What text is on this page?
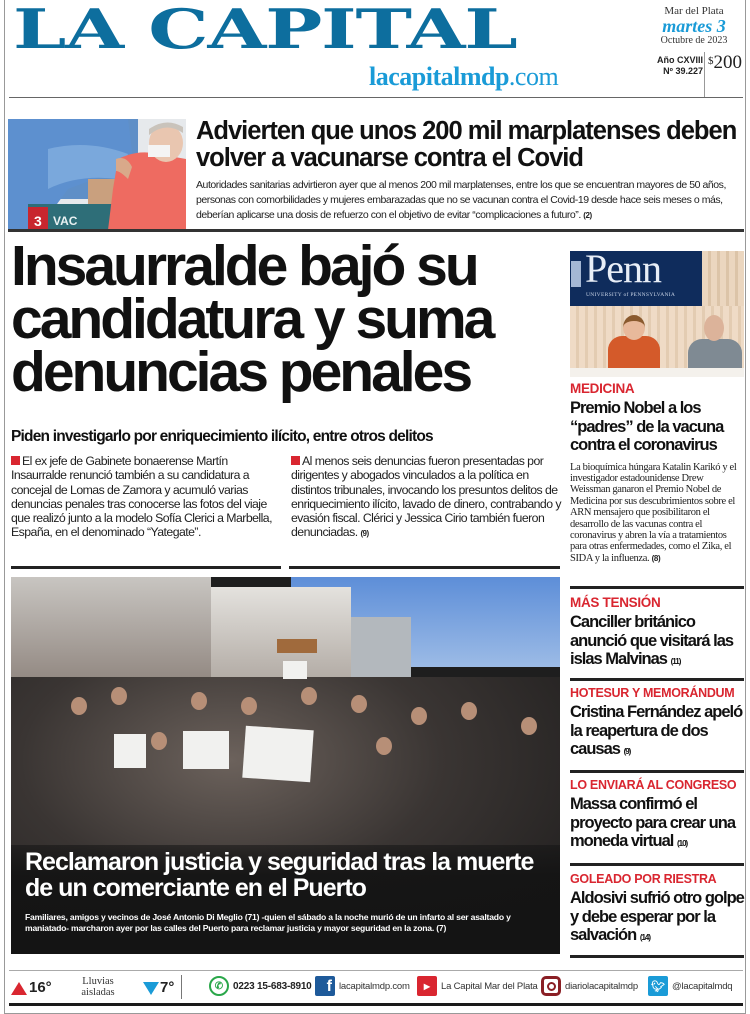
LA CAPITAL
lacapitalmdp.com
Mar del Plata
martes 3
Octubre de 2023
Año CXVIII
Nº 39.227
$200
3 VAC
Advierten que unos 200 mil marplatenses deben volver a vacunarse contra el Covid
Autoridades sanitarias advirtieron ayer que al menos 200 mil marplatenses, entre los que se encuentran mayores de 50 años, personas con comorbilidades y mujeres embarazadas que no se vacunan contra el Covid-19 desde hace seis meses o más, deberían aplicarse una dosis de refuerzo con el objetivo de evitar “complicaciones a futuro”. (2)
Insaurralde bajó su candidatura y suma denuncias penales
Piden investigarlo por enriquecimiento ilícito, entre otros delitos
El ex jefe de Gabinete bonaerense Martín Insaurralde renunció también a su candidatura a concejal de Lomas de Zamora y acumuló varias denuncias penales tras conocerse las fotos del viaje que realizó junto a la modelo Sofía Clerici a Marbella, España, en el denominado “Yategate”.
Al menos seis denuncias fueron presentadas por dirigentes y abogados vinculados a la política en distintos tribunales, invocando los presuntos delitos de enriquecimiento ilícito, lavado de dinero, contrabando y evasión fiscal. Clérici y Jessica Cirio también fueron denunciadas. (9)
Reclamaron justicia y seguridad tras la muerte de un comerciante en el Puerto
Familiares, amigos y vecinos de José Antonio Di Meglio (71) -quien el sábado a la noche murió de un infarto al ser asaltado y maniatado- marcharon ayer por las calles del Puerto para reclamar justicia y mayor seguridad en la zona. (7)
Penn
UNIVERSITY of PENNSYLVANIA
MEDICINA
Premio Nobel a los “padres” de la vacuna contra el coronavirus
La bioquímica húngara Katalin Karikó y el investigador estadounidense Drew Weissman ganaron el Premio Nobel de Medicina por sus descubrimientos sobre el ARN mensajero que posibilitaron el desarrollo de las vacunas contra el coronavirus y abren la vía a tratamientos para otras enfermedades, como el Zika, el SIDA y la influenza. (8)
MÁS TENSIÓN
Canciller británico anunció que visitará las islas Malvinas (11)
HOTESUR Y MEMORÁNDUM
Cristina Fernández apeló la reapertura de dos causas (9)
LO ENVIARÁ AL CONGRESO
Massa confirmó el proyecto para crear una moneda virtual (10)
GOLEADO POR RIESTRA
Aldosivi sufrió otro golpe y debe esperar por la salvación (14)
16°	Lluvias
aisladas	7°	✆ 0223 15-683-8910 f lacapitalmdp.com	▶	La Capital Mar del Plata	diariolacapitalmdp 🐦︎ @lacapitalmdq
